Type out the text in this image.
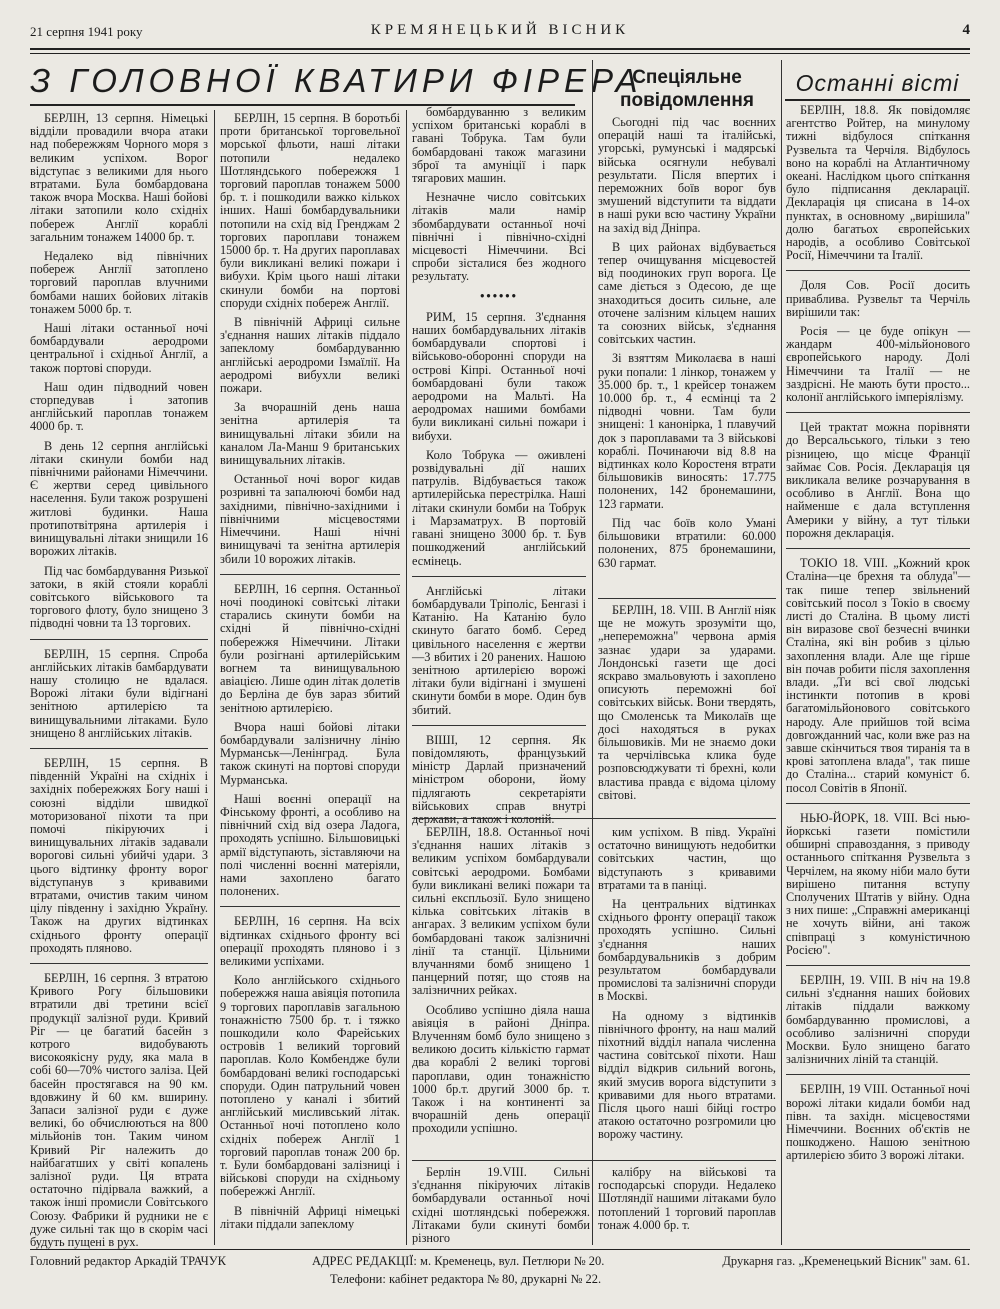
21 серпня 1941 року	КРЕМЯНЕЦЬКИЙ ВІСНИК	4
З ГОЛОВНОЇ КВАТИРИ ФІРЕРА

БЕРЛІН, 13 серпня. Німецькі відділи провадили вчора атаки над побережжям Чорного моря з великим успіхом. Ворог відступає з великими для нього втратами. Була бомбардована також вчора Москва. Наші бойові літаки затопили коло східніх побереж Англії кораблі загальним тонажем 14000 бр. т.

Недалеко від північних побереж Англії затоплено торговий пароплав влучними бомбами наших бойових літаків тонажем 5000 бр. т.

Наші літаки останньої ночі бомбардували аеродроми центральної і східньої Англії, а також портові споруди.

Наш один підводний човен сторпедував і затопив англійський пароплав тонажем 4000 бр. т.

В день 12 серпня англійські літаки скинули бомби над північними районами Німеччини. Є жертви серед цивільного населення. Були також розрушені житлові будинки. Наша протипотвітряна артилерія і винищувальні літаки знищили 16 ворожих літаків.

Під час бомбардування Ризької затоки, в якій стояли кораблі совітського військового та торгового флоту, було знищено 3 підводні човни та 13 торгових.

БЕРЛІН, 15 серпня. Спроба англійських літаків бамбардувати нашу столицю не вдалася. Ворожі літаки були відігнані зенітною артилерією та винищувальними літаками. Було знищено 8 англійських літаків.

БЕРЛІН, 15 серпня. В південній Україні на східніх і західніх побережжях Богу наші і союзні відділи швидкої моторизованої піхоти та при помочі пікіруючих і винищувальних літаків задавали ворогові сильні убийчі удари. З цього відтинку фронту ворог відступанув з кривавими втратами, очистив таким чином цілу південну і західню Україну. Також на других відтинках східнього фронту операції проходять пляново.

БЕРЛІН, 16 серпня. З втратою Кривого Рогу більшовики втратили дві третини всієї продукції залізної руди. Кривий Ріг — це багатий басейн з котрого видобувають високоякісну руду, яка мала в собі 60—70% чистого заліза. Цей басейн простягався на 90 км. вдовжину й 60 км. вширину. Запаси залізної руди є дуже великі, бо обчислюються на 800 мільйонів тон. Таким чином Кривий Ріг належить до найбагатших у світі копалень залізної руди. Ця втрата остаточно підірвала важкий, а також інші промисли Совітського Союзу. Фабрики й рудники не є дуже сильні так що в скорім часі будуть пущені в рух.

БЕРЛІН, 15 серпня. В боротьбі проти британської торговельної морської фльоти, наші літаки потопили недалеко Шотляндського побережжя 1 торговий пароплав тонажем 5000 бр. т. і пошкодили важко кількох інших. Наші бомбардувальники потопили на схід від Гренджам 2 торгових пароплави тонажем 15000 бр. т. На других пароплавах були викликані великі пожари і вибухи. Крім цього наші літаки скинули бомби на портові споруди східніх побереж Англії.

В північній Африці сильне з'єднання наших літаків піддало запеклому бомбардуванню англійські аеродроми Ізмаїлії. На аеродромі вибухли великі пожари.

За вчорашній день наша зенітна артилерія та винищувальні літаки збили на каналом Ла-Манш 9 британських винищувальних літаків.

Останньої ночі ворог кидав розривні та запалюючі бомби над західними, північно-західними і північними місцевостями Німеччини. Наші нічні винищувачі та зенітна артилерія збили 10 ворожих літаків.

БЕРЛІН, 16 серпня. Останньої ночі поодинокі совітські літаки старались скинути бомби на східні й північно-східні побережжя Німеччини. Літаки були розігнані артилерійським вогнем та винищувальною авіацією. Лише один літак долетів до Берліна де був зараз збитий зенітною артилерією.

Вчора наші бойові літаки бомбардували залізничну лінію Мурманськ—Ленінград. Була також скинуті на портові споруди Мурманська.

Наші воєнні операції на Фінському фронті, а особливо на північний схід від озера Ладога, проходять успішно. Більшовицькі армії відступають, зіставляючи на полі численні воєнні матеріяли, нами захоплено багато полонених.

БЕРЛІН, 16 серпня. На всіх відтинках східнього фронту всі операції проходять пляново і з великими успіхами.

Коло англійського східнього побережжя наша авіяція потопила 9 торгових пароплавів загальною тонажністю 7500 бр. т. і тяжко пошкодили коло Фарейських островів 1 великий торговий пароплав. Коло Комбендже були бомбардовані великі господарські споруди. Один патрульний човен потоплено у каналі і збитий англійський мисливський літак. Останньої ночі потоплено коло східніх побереж Англії 1 торговий пароплав тонаж 200 бр. т. Були бомбардовані залізниці і військові споруди на східньому побережжі Англії.

В північній Африці німецькі літаки піддали запеклому

бомбардуванню з великим успіхом британські кораблі в гавані Тобрука. Там були бомбардовані також магазини зброї та амуніції і парк тягарових машин.

Незначне число совітських літаків мали намір збомбардувати останньої ночі північні і північно-східні місцевості Німеччини. Всі спроби зісталися без жодного результату.

••••••

РИМ, 15 серпня. З'єднання наших бомбардувальних літаків бомбардували спортові і військово-оборонні споруди на острові Кіпрі. Останньої ночі бомбардовані були також аеродроми на Мальті. На аеродромах нашими бомбами були викликані сильні пожари і вибухи.

Коло Тобрука — оживлені розвідувальні дії наших патрулів. Відбувається також артилерійська перестрілка. Наші літаки скинули бомби на Тобрук і Марзаматрух. В портовій гавані знищено 3000 бр. т. Був пошкоджений англійський есмінець.

Англійські літаки бомбардували Тріполіс, Бенгазі і Катанію. На Катанію було скинуто багато бомб. Серед цивільного населення є жертви—3 вбитих і 20 ранених. Нашою зенітною артилерією ворожі літаки були відігнані і змушені скинути бомби в море. Один був збитий.

ВІШІ, 12 серпня. Як повідомляють, французький міністр Дарлай призначений міністром оборони, йому підлягають секретаріяти військових справ внутрі держави, а також і колоній.

Спеціяльне
повідомлення

Сьогодні під час воєнних операцій наші та італійські, угорські, румунські і мадярські війська осягнули небувалі результати. Після впертих і переможних боїв ворог був змушений відступити та віддати в наші руки всю частину України на захід від Дніпра.

В цих районах відбувається тепер очищування місцевостей від поодиноких груп ворога. Це саме діється з Одесою, де ще знаходиться досить сильне, але оточене залізним кільцем наших та союзних військ, з'єднання совітських частин.

Зі взяттям Миколаєва в наші руки попали: 1 лінкор, тонажем у 35.000 бр. т., 1 крейсер тонажем 10.000 бр. т., 4 есмінці та 2 підводні човни. Там були знищені: 1 канонірка, 1 плавучий док з пароплавами та 3 військові кораблі. Починаючи від 8.8 на відтинках коло Коростеня втрати більшовиків виносять: 17.775 полонених, 142 бронемашини, 123 гармати.

Під час боїв коло Умані більшовики втратили: 60.000 полонених, 875 бронемашини, 630 гармат.

БЕРЛІН, 18. VIII. В Англії ніяк ще не можуть зрозуміти що, „непереможна" червона армія зазнає удари за ударами. Лондонські газети ще досі яскраво змальовують і захоплено описують переможні бої совітських військ. Вони твердять, що Смоленськ та Миколаїв ще досі находяться в руках більшовиків. Ми не знаємо доки та черчілівська клика буде розповсюджувати ті брехні, коли властива правда є відома цілому світові.

Останні вісті

БЕРЛІН, 18.8. Як повідомляє агентство Ройтер, на минулому тижні відбулося спіткання Рузвельта та Черчіля. Відбулось воно на кораблі на Атлантичному океані. Наслідком цього спіткання було підписання декларації. Декларація ця списана в 14-ох пунктах, в основному „вирішила" долю багатьох європейських народів, а особливо Совітської Росії, Німеччини та Італії.

Доля Сов. Росії досить привабливa. Рузвельт та Черчіль вирішили так:

Росія — це буде опікун — жандарм 400-мільйонового європейського народу. Долі Німеччини та Італії — не заздрісні. Не мають бути просто... колонії англійського імперіялізму.

Цей трактат можна порівняти до Версальського, тільки з тею різницею, що місце Франції займає Сов. Росія. Декларація ця викликала велике розчарування в особливо в Англії. Вона що найменше є дала вступлення Америки у війну, а тут тільки порожня декларація.

ТОКІО 18. VIII. „Кожний крок Сталіна—це брехня та облуда"—так пише тепер звільнений совітський посол з Токіо в своєму листі до Сталіна. В цьому листі він виразове свої безчесні вчинки Сталіна, які він робив з цілью захоплення влади. Але ще гірше він почав робити після захоплення влади. „Ти всі свої людські інстинкти потопив в крові багатомільйонового совітського народу. Але прийшов той всіма довгожданний час, коли вже раз на завше скінчиться твоя тиранія та в крові затоплена влада", так пише до Сталіна... старий комуніст б. посол Совітів в Японії.

НЬЮ-ЙОРК, 18. VIII. Всі нью-йоркські газети помістили обширні справоздання, з приводу останнього спіткання Рузвельта з Черчілем, на якому ніби мало бути вирішено питання вступу Сполучених Штатів у війну. Одна з них пише: „Справжні американці не хочуть війни, ані також співпраці з комуністичною Росією".

БЕРЛІН, 19. VIII. В ніч на 19.8 сильні з'єднання наших бойових літаків піддали важкому бомбардуванню промислові, а особливо залізничні споруди Москви. Було знищено багато залізничних ліній та станцій.

БЕРЛІН, 19 VIII. Останньої ночі ворожі літаки кидали бомби над півн. та західн. місцевостями Німеччини. Воєнних об'єктів не пошкоджено. Нашою зенітною артилерією збито 3 ворожі літаки.

БЕРЛІН, 18.8. Останньої ночі з'єднання наших літаків з великим успіхом бомбардували совітські аеродроми. Бомбами були викликані великі пожари та сильні експльозії. Було знищено кілька совітських літаків в ангарах. З великим успіхом були бомбардовані також залізничні лінії та станції. Цільними влучаннями бомб знищено 1 панцерний потяг, що стояв на залізничних рейках.

Особливо успішно діяла наша авіяція в районі Дніпра. Влученням бомб було знищено з великою досить кількістю гармат два кораблі 2 великі торгові пароплави, один тонажністю 1000 бр.т. другий 3000 бр. т. Також і на континенті за вчорашній день операції проходили успішно.

ким успіхом. В півд. Україні остаточно винищують недобитки совітських частин, що відступають з кривавими втратами та в паніці.

На центральних відтинках східнього фронту операції також проходять успішно. Сильні з'єднання наших бомбардувальників з добрим результатом бомбардували промислові та залізничні споруди в Москві.

На одному з відтинків північного фронту, на наш малий піхотний відділ напала численна частина совітської піхоти. Наш відділ відкрив сильний вогонь, який змусив ворога відступити з кривавими для нього втратами. Після цього наші бійці гостро атакою остаточно розгромили цю ворожу частину.

Берлін 19.VIII. Сильні з'єднання пікіруючих літаків бомбардували останньої ночі східні шотляндські побережжя. Літаками були скинуті бомби різного

калібру на військові та господарські споруди. Недалеко Шотляндії нашими літаками було потоплений 1 торговий пароплав тонаж 4.000 бр. т.

Головний редактор Аркадій ТРАЧУК	АДРЕС РЕДАКЦІЇ: м. Кременець, вул. Петлюри № 20.	Друкарня газ. „Кременецький Вісник" зам. 61.
Телефони: кабінет редактора № 80, друкарні № 22.
